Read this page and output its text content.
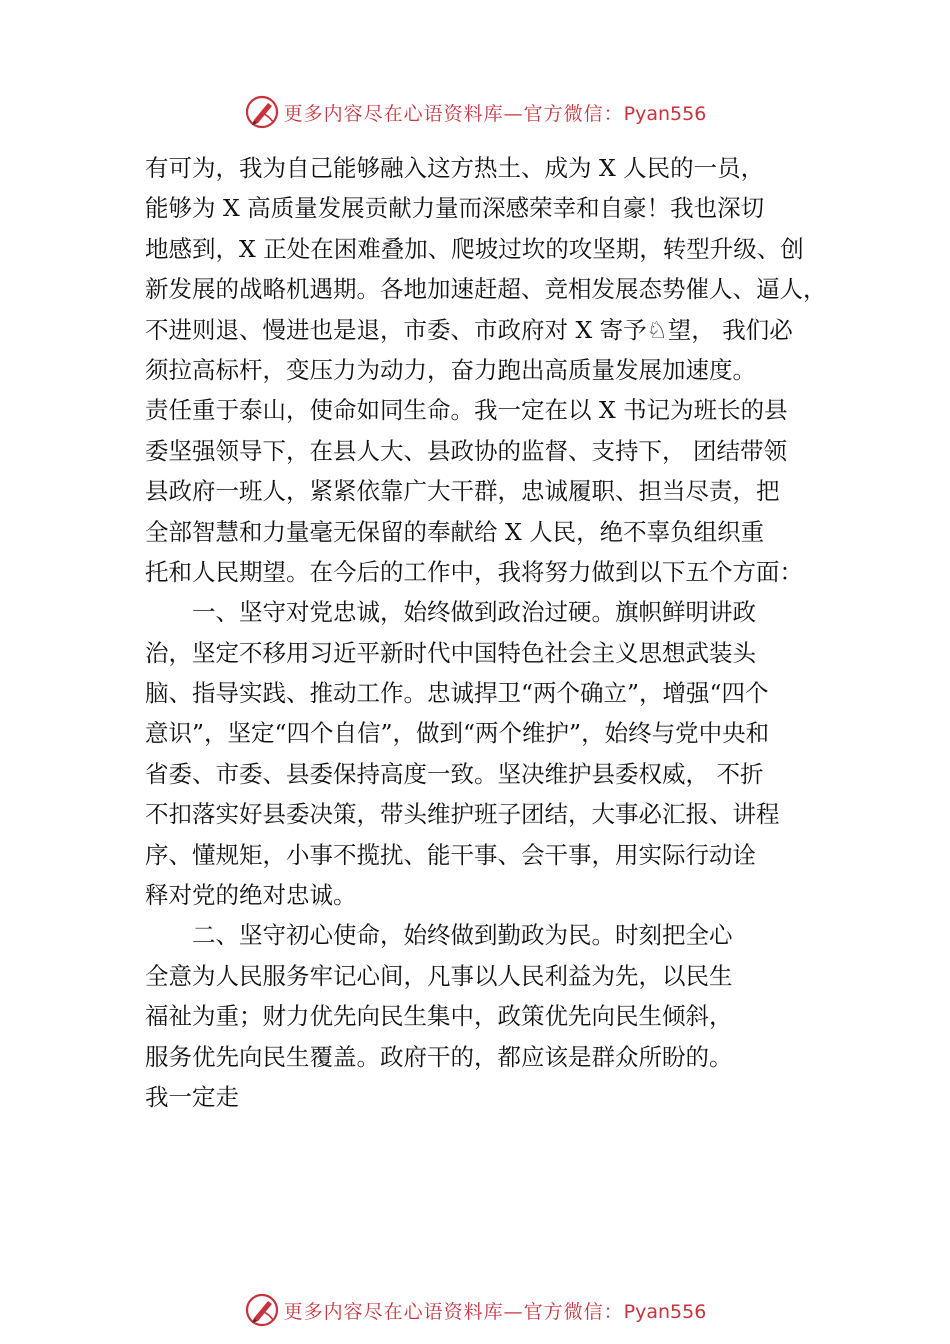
更多内容尽在心语资料库—官方微信：Pyan556
有可为，我为自己能够融入这方热土、成为 X 人民的一员，
能够为 X 高质量发展贡献力量而深感荣幸和自豪！我也深切
地感到，X 正处在困难叠加、爬坡过坎的攻坚期，转型升级、创
新发展的战略机遇期。各地加速赶超、竞相发展态势催人、逼人，
不进则退、慢进也是退，市委、市政府对 X 寄予♘望， 我们必
须拉高标杆，变压力为动力，奋力跑出高质量发展加速度。
责任重于泰山，使命如同生命。我一定在以 X 书记为班长的县
委坚强领导下，在县人大、县政协的监督、支持下， 团结带领
县政府一班人，紧紧依靠广大干群，忠诚履职、担当尽责，把
全部智慧和力量毫无保留的奉献给 X 人民，绝不辜负组织重
托和人民期望。在今后的工作中，我将努力做到以下五个方面：
一、坚守对党忠诚，始终做到政治过硬。旗帜鲜明讲政
治，坚定不移用习近平新时代中国特色社会主义思想武装头
脑、指导实践、推动工作。忠诚捍卫“两个确立”，增强“四个
意识”，坚定“四个自信”，做到“两个维护”，始终与党中央和
省委、市委、县委保持高度一致。坚决维护县委权威， 不折
不扣落实好县委决策，带头维护班子团结，大事必汇报、讲程
序、懂规矩，小事不揽扰、能干事、会干事，用实际行动诠
释对党的绝对忠诚。
二、坚守初心使命，始终做到勤政为民。时刻把全心
全意为人民服务牢记心间，凡事以人民利益为先，以民生
福祉为重；财力优先向民生集中，政策优先向民生倾斜，
服务优先向民生覆盖。政府干的，都应该是群众所盼的。
我一定走
更多内容尽在心语资料库—官方微信：Pyan556
